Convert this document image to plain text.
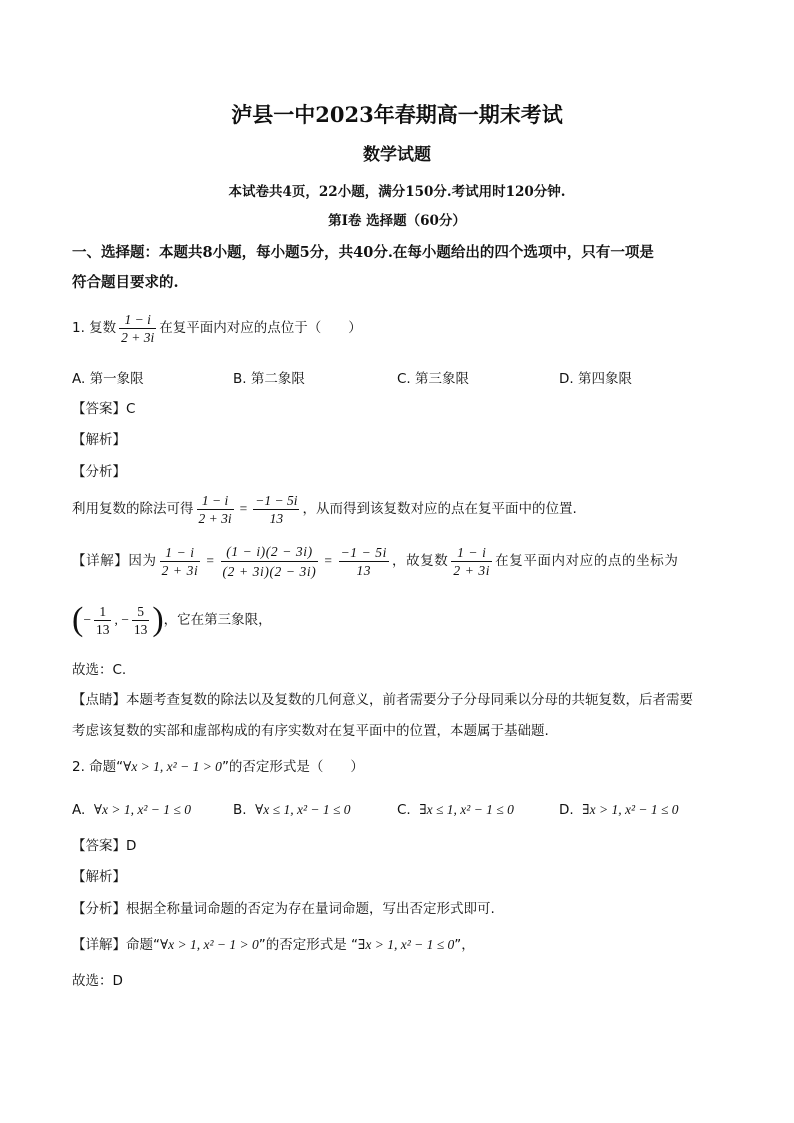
泸县一中2023年春期高一期末考试
数学试题
本试卷共4页，22小题，满分150分.考试用时120分钟.
第I卷 选择题（60分）
一、选择题：本题共8小题，每小题5分，共40分.在每小题给出的四个选项中，只有一项是
符合题目要求的.
1. 复数 $\frac{1 - i}{2 + 3i}$ 在复平面内对应的点位于（　　）
A. 第一象限	B. 第二象限	C. 第三象限	D. 第四象限
【答案】C
【解析】
【分析】
利用复数的除法可得 $\frac{1 - i}{2 + 3i} = \frac{-1 - 5i}{13}$ ，从而得到该复数对应的点在复平面中的位置.
【详解】因为 $\frac{1 - i}{2 + 3i} = \frac{(1 - i)(2 - 3i)}{(2 + 3i)(2 - 3i)} = \frac{-1 - 5i}{13}$ ，故复数 $\frac{1 - i}{2 + 3i}$ 在复平面内对应的点的坐标为
(− $\frac{1}{13}$ , − $\frac{5}{13}$ )，它在第三象限，
故选：C.
【点睛】本题考查复数的除法以及复数的几何意义，前者需要分子分母同乘以分母的共轭复数，后者需要
考虑该复数的实部和虚部构成的有序实数对在复平面中的位置，本题属于基础题.
2. 命题“∀x > 1, x² − 1 > 0”的否定形式是（　　）
A. ∀x > 1, x² − 1 ≤ 0	B. ∀x ≤ 1, x² − 1 ≤ 0	C. ∃x ≤ 1, x² − 1 ≤ 0	D. ∃x > 1, x² − 1 ≤ 0
【答案】D
【解析】
【分析】根据全称量词命题的否定为存在量词命题，写出否定形式即可.
【详解】命题“∀x > 1, x² − 1 > 0”的否定形式是 “∃x > 1, x² − 1 ≤ 0”，
故选：D
